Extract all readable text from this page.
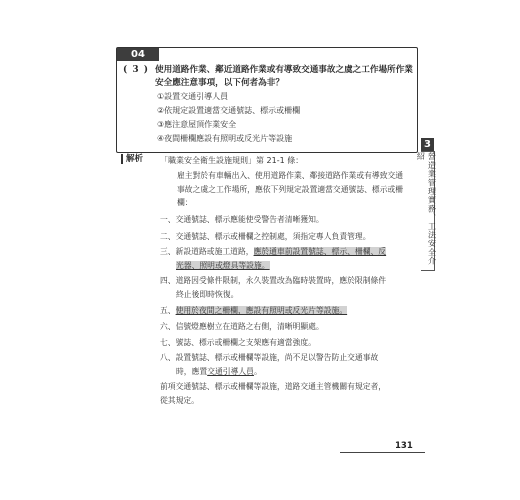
04
( 3 ) 使用道路作業、鄰近道路作業或有導致交通事故之虞之工作場所作業安全應注意事項，以下何者為非？
①設置交通引導人員
②依規定設置適當交通號誌、標示或柵欄
③應注意屋頂作業安全
④夜間柵欄應設有照明或反光片等設施
3
營造業管理實務、工法安全介紹
解析 「職業安全衛生設施規則」第 21-1 條：
雇主對於有車輛出入、使用道路作業、鄰接道路作業或有導致交通
事故之虞之工作場所，應依下列規定設置適當交通號誌、標示或柵
欄：
一、交通號誌、標示應能使受警告者清晰獲知。
二、交通號誌、標示或柵欄之控制處，須指定專人負責管理。
三、新設道路或施工道路，應於通車前設置號誌、標示、柵欄、反
光器、照明或燈具等設施。
四、道路因受條件限制，永久裝置改為臨時裝置時，應於限制條件
終止後即時恢復。
五、使用於夜間之柵欄，應設有照明或反光片等設施。
六、信號燈應樹立在道路之右側，清晰明顯處。
七、號誌、標示或柵欄之支架應有適當強度。
八、設置號誌、標示或柵欄等設施，尚不足以警告防止交通事故
時，應置交通引導人員。
前項交通號誌、標示或柵欄等設施，道路交通主管機關有規定者，
從其規定。
131
